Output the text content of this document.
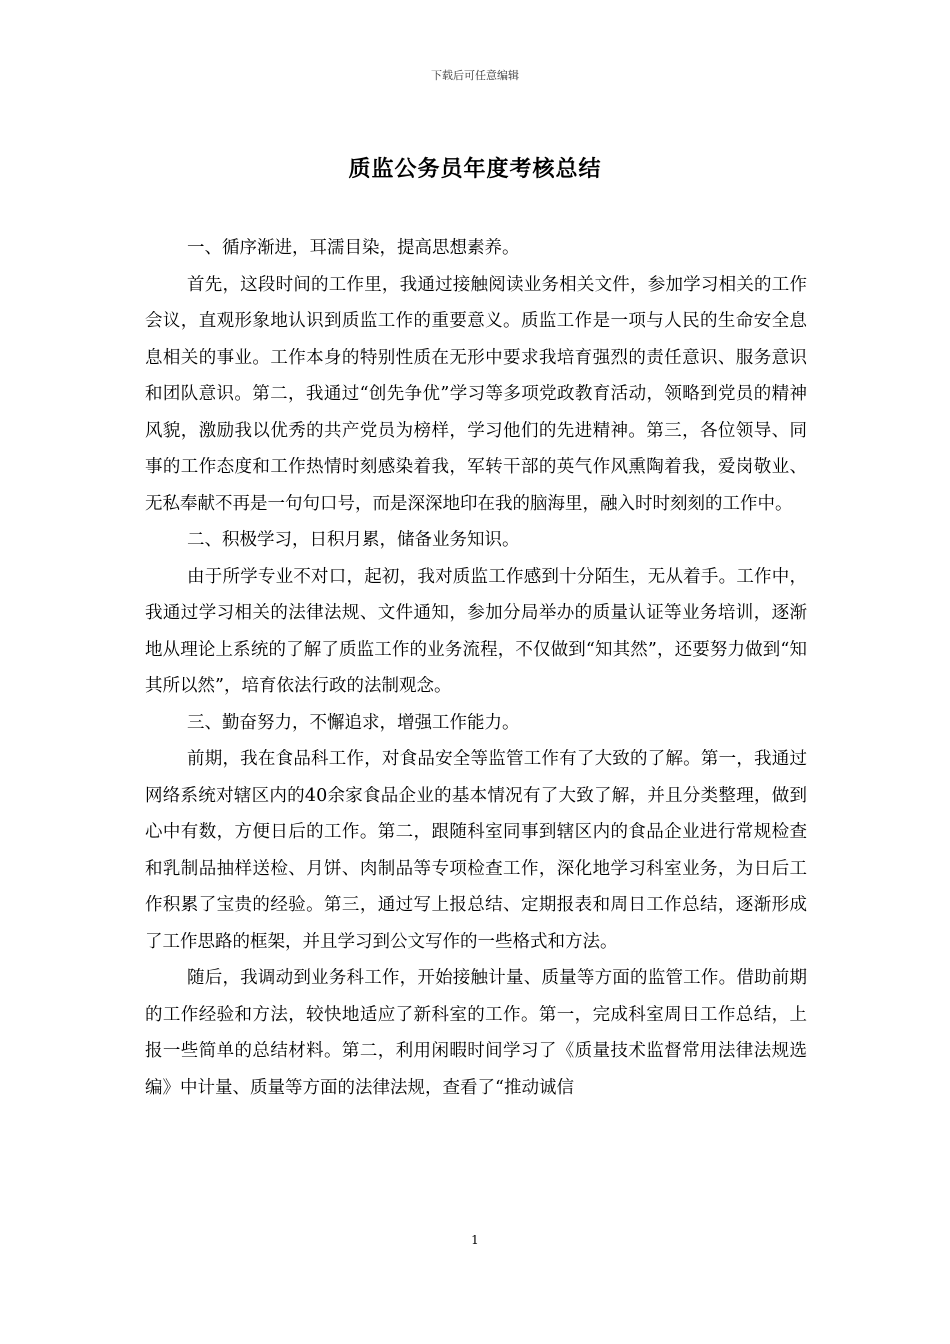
下载后可任意编辑
质监公务员年度考核总结

一、循序渐进，耳濡目染，提高思想素养。

首先，这段时间的工作里，我通过接触阅读业务相关文件，参加学习相关的工作会议，直观形象地认识到质监工作的重要意义。质监工作是一项与人民的生命安全息息相关的事业。工作本身的特别性质在无形中要求我培育强烈的责任意识、服务意识和团队意识。第二，我通过“创先争优”学习等多项党政教育活动，领略到党员的精神风貌，激励我以优秀的共产党员为榜样，学习他们的先进精神。第三，各位领导、同事的工作态度和工作热情时刻感染着我，军转干部的英气作风熏陶着我，爱岗敬业、无私奉献不再是一句句口号，而是深深地印在我的脑海里，融入时时刻刻的工作中。

二、积极学习，日积月累，储备业务知识。

由于所学专业不对口，起初，我对质监工作感到十分陌生，无从着手。工作中，我通过学习相关的法律法规、文件通知，参加分局举办的质量认证等业务培训，逐渐地从理论上系统的了解了质监工作的业务流程，不仅做到“知其然”，还要努力做到“知其所以然”，培育依法行政的法制观念。

三、勤奋努力，不懈追求，增强工作能力。

前期，我在食品科工作，对食品安全等监管工作有了大致的了解。第一，我通过网络系统对辖区内的40余家食品企业的基本情况有了大致了解，并且分类整理，做到心中有数，方便日后的工作。第二，跟随科室同事到辖区内的食品企业进行常规检查和乳制品抽样送检、月饼、肉制品等专项检查工作，深化地学习科室业务，为日后工作积累了宝贵的经验。第三，通过写上报总结、定期报表和周日工作总结，逐渐形成了工作思路的框架，并且学习到公文写作的一些格式和方法。

随后，我调动到业务科工作，开始接触计量、质量等方面的监管工作。借助前期的工作经验和方法，较快地适应了新科室的工作。第一，完成科室周日工作总结，上报一些简单的总结材料。第二，利用闲暇时间学习了《质量技术监督常用法律法规选编》中计量、质量等方面的法律法规，查看了“推动诚信

1
